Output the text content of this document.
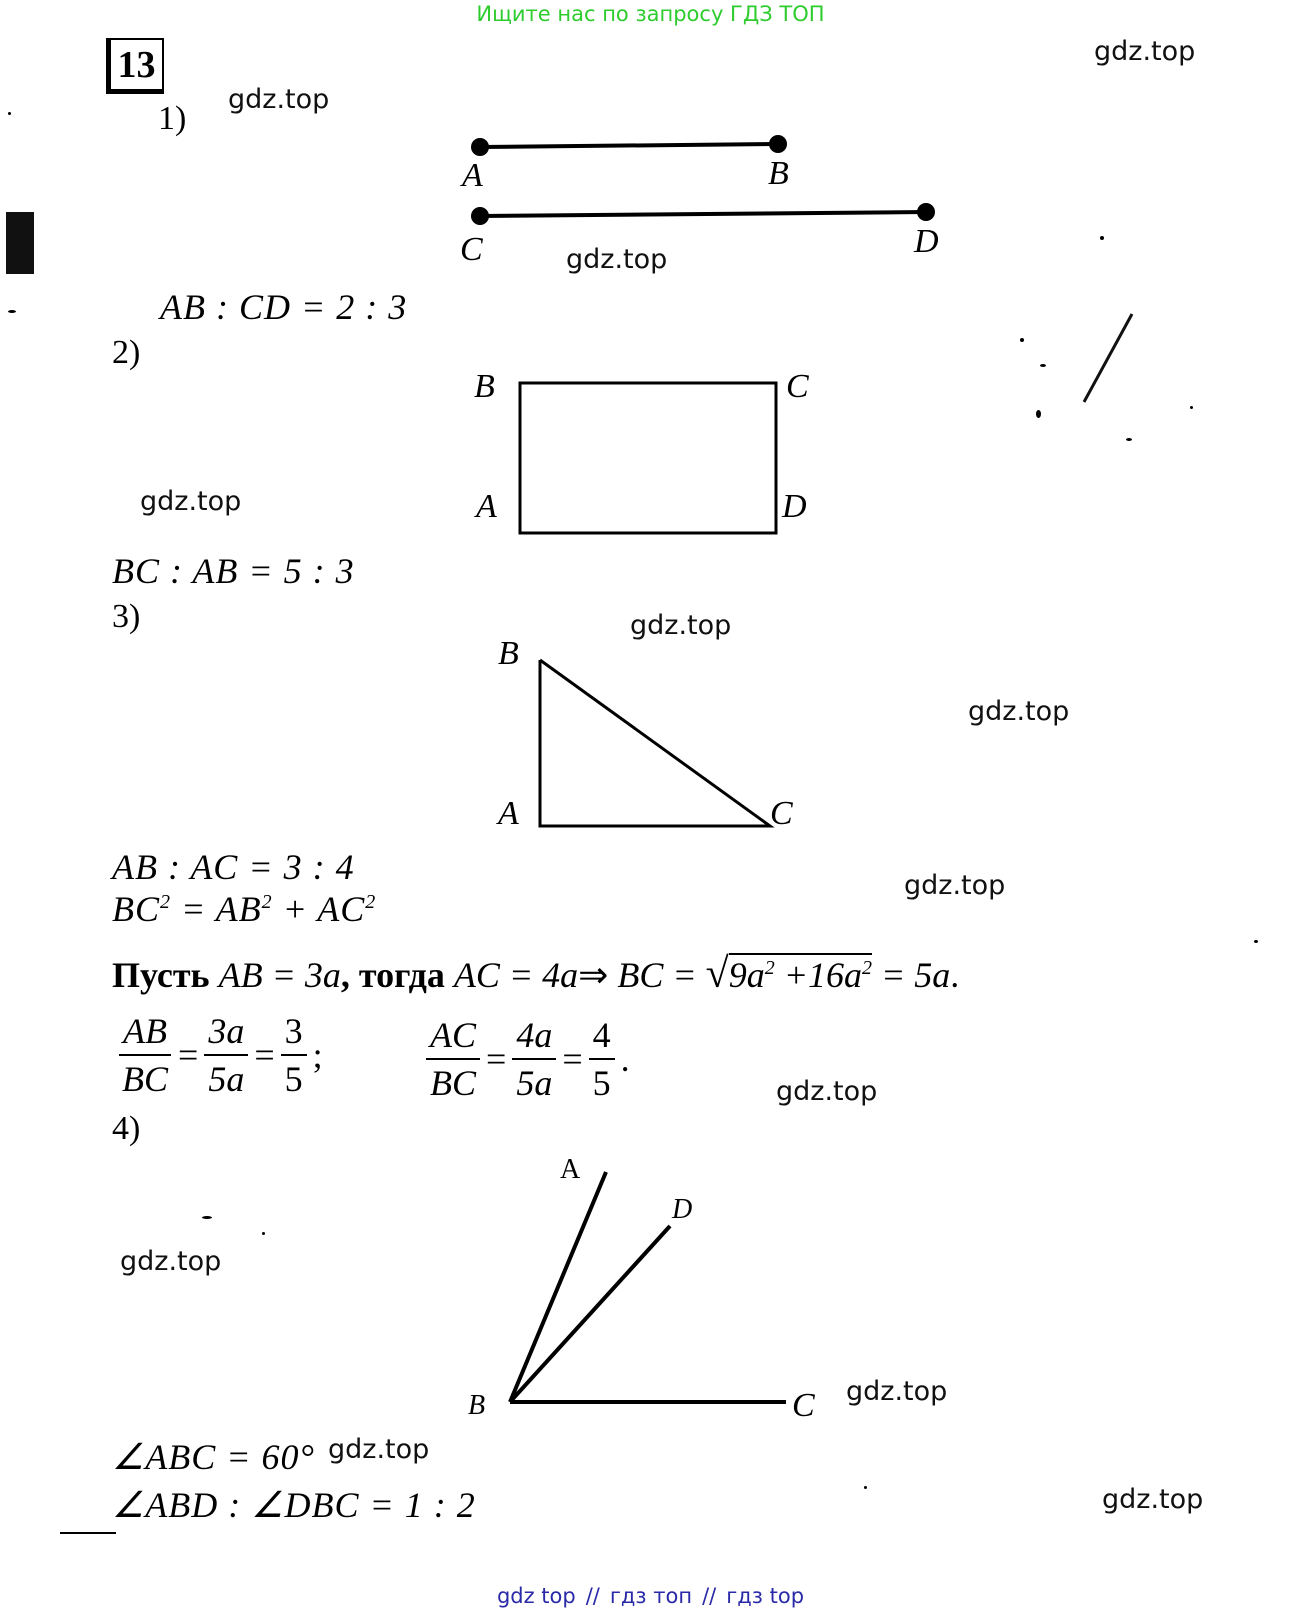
Ищите нас по запросу ГДЗ ТОП
13	gdz.top
gdz.top
gdz.top
gdz.top
gdz.top
gdz.top
gdz.top
gdz.top
gdz.top
gdz.top
gdz.top
gdz.top
1)
A	B
C	D
AB : CD = 2 : 3
2)
B	C
A	D
BC : AB = 5 : 3
3)
B
A	C
AB : AC = 3 : 4
$BC^2 = AB^2 + AC^2$
Пусть AB = 3a, тогда AC = 4a⇒ BC = $√9a^2 +16a^2 = 5a$.
$\frac{AB}{BC} = \frac{3a}{5a} = \frac{3}{5}$ ;	$\frac{AC}{BC} = \frac{4a}{5a} = \frac{4}{5}$ .
4)
A
D
B	C
∠ABC = 60°
∠ABD : ∠DBC = 1 : 2
gdz top // гдз топ // гдз top
